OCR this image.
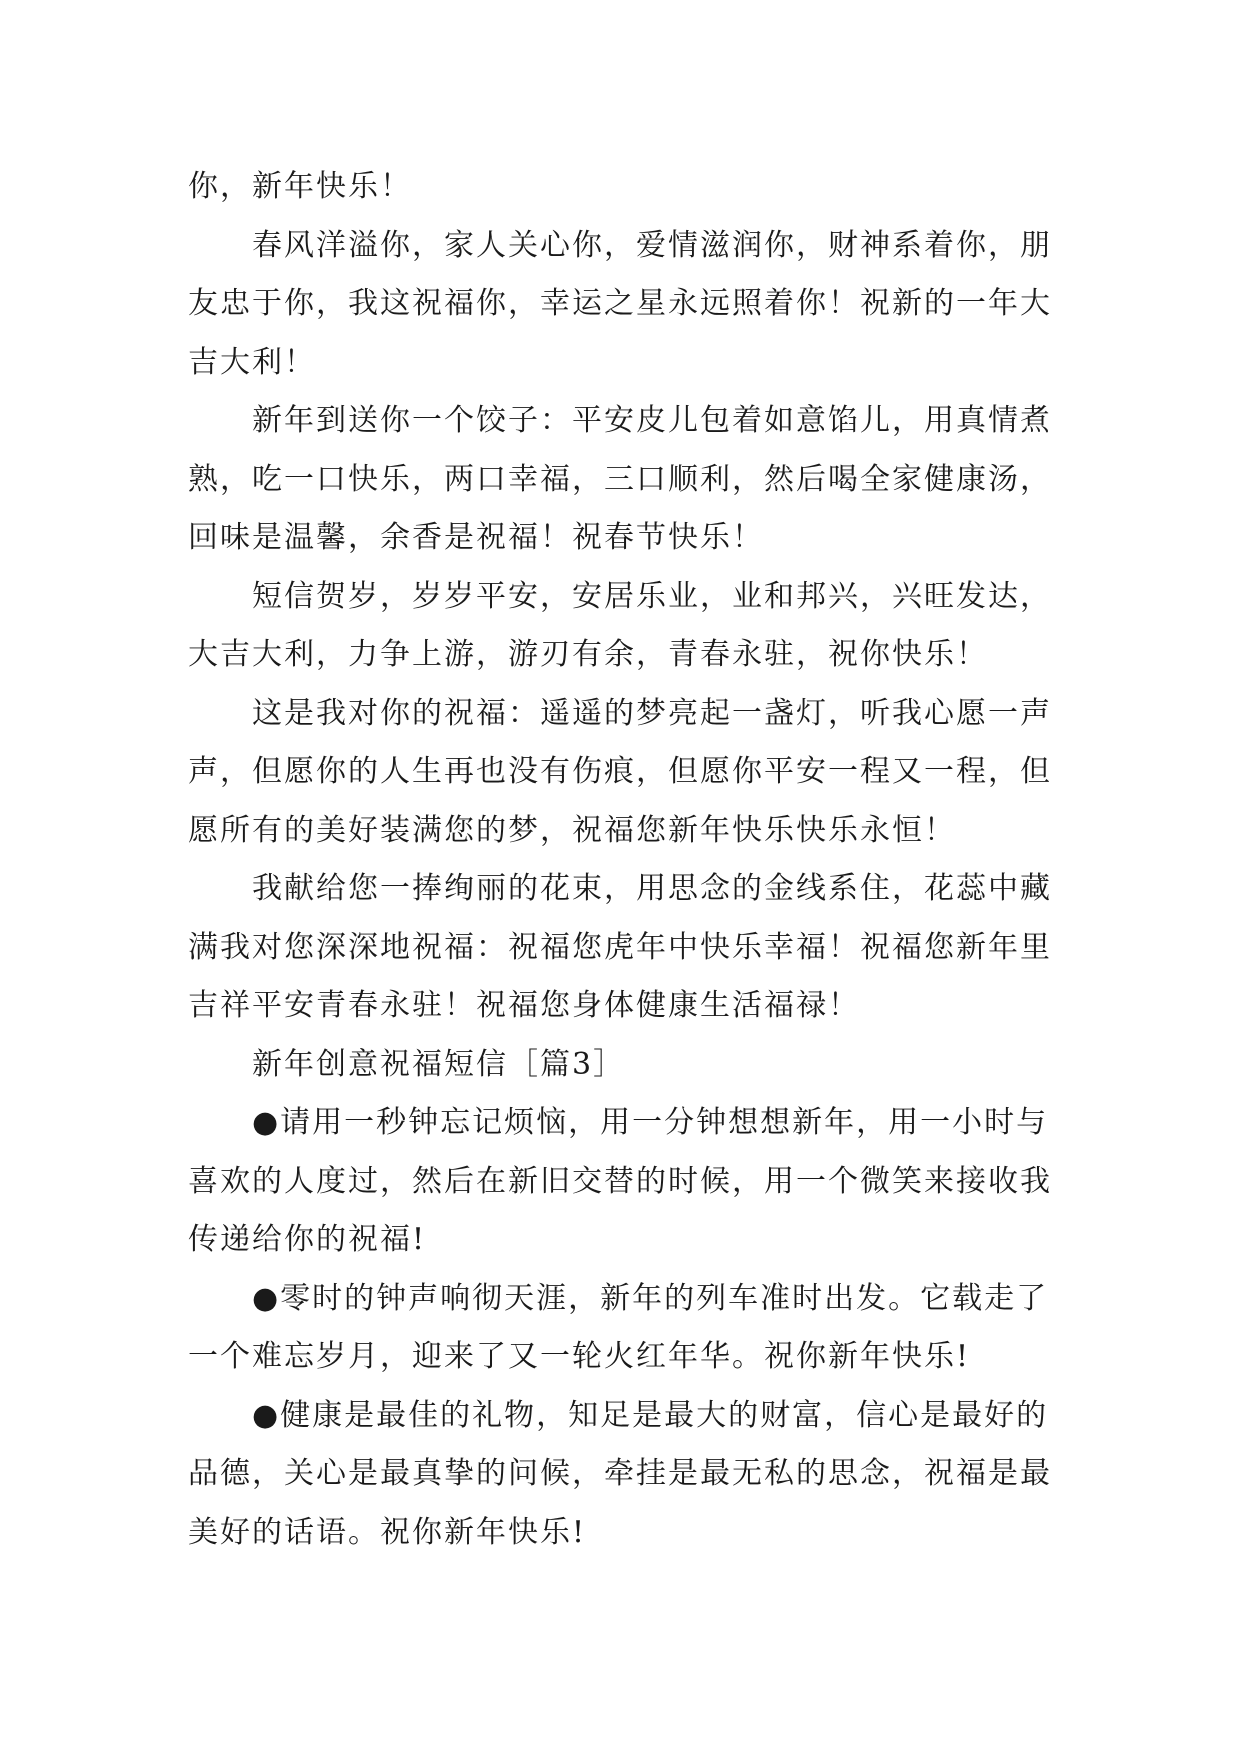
你，新年快乐！

春风洋溢你，家人关心你，爱情滋润你，财神系着你，朋友忠于你，我这祝福你，幸运之星永远照着你！祝新的一年大吉大利！

新年到送你一个饺子：平安皮儿包着如意馅儿，用真情煮熟，吃一口快乐，两口幸福，三口顺利，然后喝全家健康汤，回味是温馨，余香是祝福！祝春节快乐！

短信贺岁，岁岁平安，安居乐业，业和邦兴，兴旺发达，大吉大利，力争上游，游刃有余，青春永驻，祝你快乐！

这是我对你的祝福：遥遥的梦亮起一盏灯，听我心愿一声声，但愿你的人生再也没有伤痕，但愿你平安一程又一程，但愿所有的美好装满您的梦，祝福您新年快乐快乐永恒！

我献给您一捧绚丽的花束，用思念的金线系住，花蕊中藏满我对您深深地祝福：祝福您虎年中快乐幸福！祝福您新年里吉祥平安青春永驻！祝福您身体健康生活福禄！

新年创意祝福短信［篇3］

●请用一秒钟忘记烦恼，用一分钟想想新年，用一小时与喜欢的人度过，然后在新旧交替的时候，用一个微笑来接收我传递给你的祝福!

●零时的钟声响彻天涯，新年的列车准时出发。它载走了一个难忘岁月，迎来了又一轮火红年华。祝你新年快乐!

●健康是最佳的礼物，知足是最大的财富，信心是最好的品德，关心是最真挚的问候，牵挂是最无私的思念，祝福是最美好的话语。祝你新年快乐!
